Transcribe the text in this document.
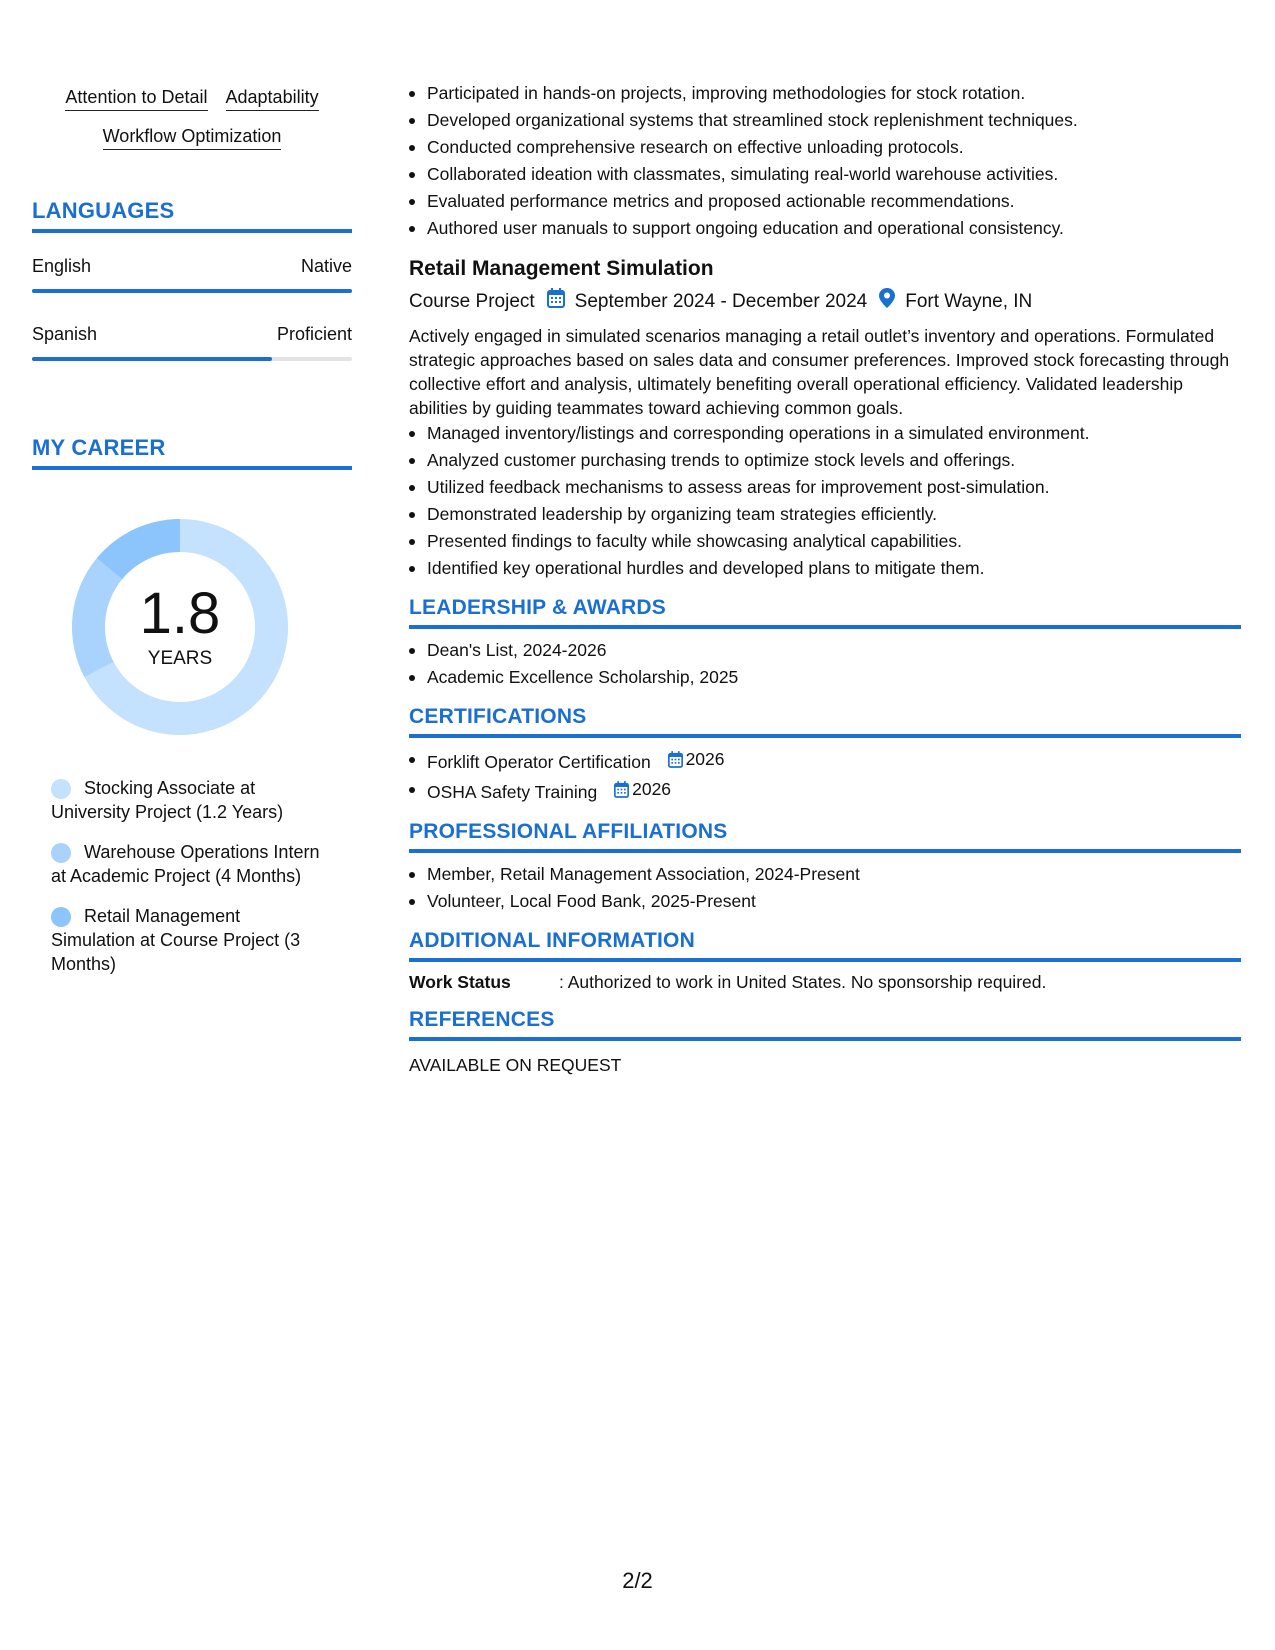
Attention to Detail Adaptability
Workflow Optimization
LANGUAGES
English	Native
Spanish	Proficient
MY CAREER
1.8
YEARS
Stocking Associate at University Project (1.2 Years)
Warehouse Operations Intern at Academic Project (4 Months)
Retail Management Simulation at Course Project (3 Months)
Participated in hands-on projects, improving methodologies for stock rotation.
Developed organizational systems that streamlined stock replenishment techniques.
Conducted comprehensive research on effective unloading protocols.
Collaborated ideation with classmates, simulating real-world warehouse activities.
Evaluated performance metrics and proposed actionable recommendations.
Authored user manuals to support ongoing education and operational consistency.
Retail Management Simulation
Course Project September 2024 - December 2024 Fort Wayne, IN
Actively engaged in simulated scenarios managing a retail outlet’s inventory and operations. Formulated strategic approaches based on sales data and consumer preferences. Improved stock forecasting through collective effort and analysis, ultimately benefiting overall operational efficiency. Validated leadership abilities by guiding teammates toward achieving common goals.
Managed inventory/listings and corresponding operations in a simulated environment.
Analyzed customer purchasing trends to optimize stock levels and offerings.
Utilized feedback mechanisms to assess areas for improvement post-simulation.
Demonstrated leadership by organizing team strategies efficiently.
Presented findings to faculty while showcasing analytical capabilities.
Identified key operational hurdles and developed plans to mitigate them.
LEADERSHIP & AWARDS
Dean's List, 2024-2026
Academic Excellence Scholarship, 2025
CERTIFICATIONS
Forklift Operator Certification 2026
OSHA Safety Training 2026
PROFESSIONAL AFFILIATIONS
Member, Retail Management Association, 2024-Present
Volunteer, Local Food Bank, 2025-Present
ADDITIONAL INFORMATION
Work Status	: Authorized to work in United States. No sponsorship required.
REFERENCES
AVAILABLE ON REQUEST
2/2
